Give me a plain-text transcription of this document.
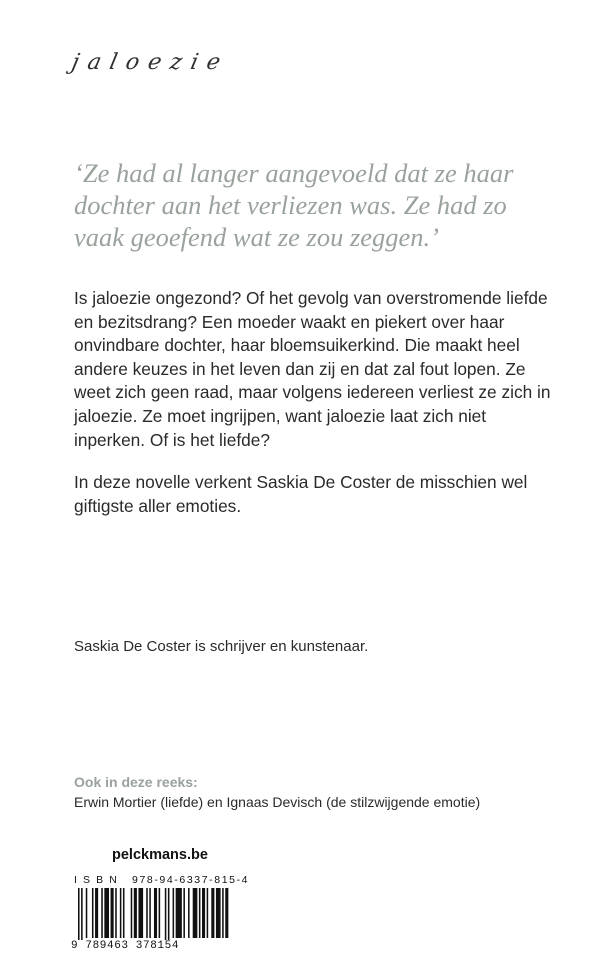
jaloezie

‘Ze had al langer aangevoeld dat ze haar dochter aan het verliezen was. Ze had zo vaak geoefend wat ze zou zeggen.’

Is jaloezie ongezond? Of het gevolg van overstromende liefde en bezitsdrang? Een moeder waakt en piekert over haar onvindbare dochter, haar bloemsuikerkind. Die maakt heel andere keuzes in het leven dan zij en dat zal fout lopen. Ze weet zich geen raad, maar volgens iedereen verliest ze zich in jaloezie. Ze moet ingrijpen, want jaloezie laat zich niet inperken. Of is het liefde?

In deze novelle verkent Saskia De Coster de misschien wel giftigste aller emoties.

Saskia De Coster is schrijver en kunstenaar.

Ook in deze reeks:

Erwin Mortier (liefde) en Ignaas Devisch (de stilzwijgende emotie)

pelckmans.be

I S B N   978-94-6337-815-4

9 789463 378154
